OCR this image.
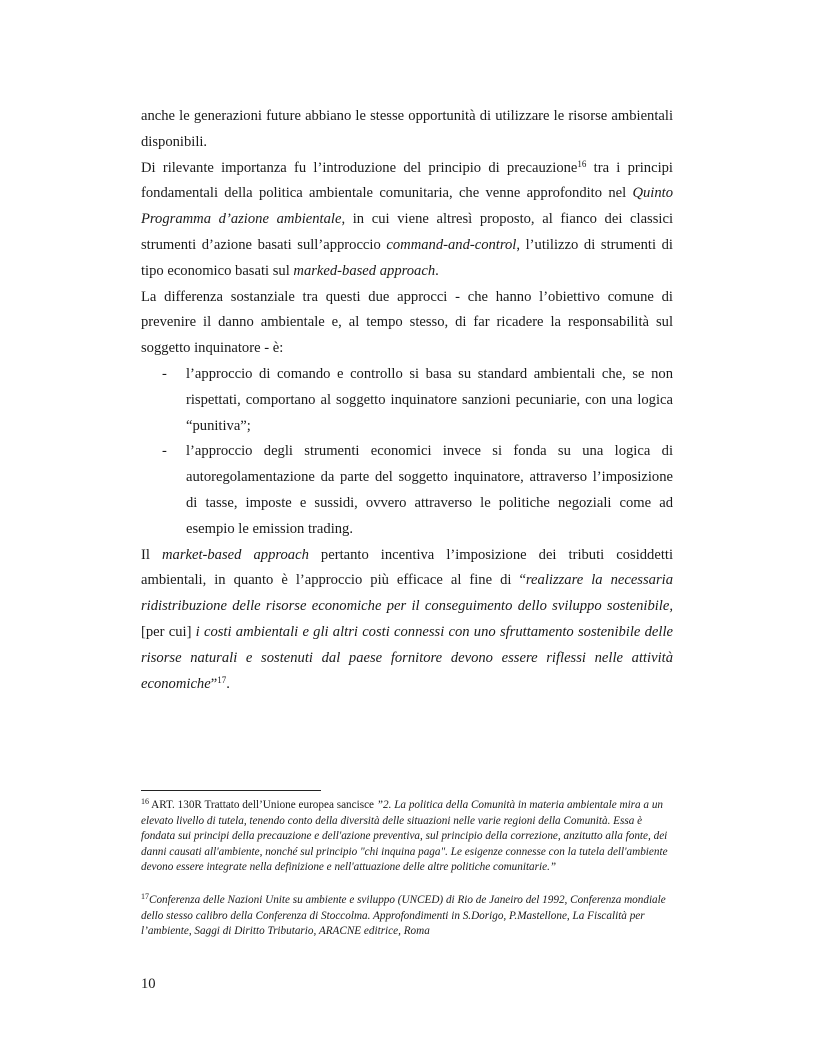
anche le generazioni future abbiano le stesse opportunità di utilizzare le risorse ambientali disponibili.

Di rilevante importanza fu l’introduzione del principio di precauzione$^{16}$ tra i principi fondamentali della politica ambientale comunitaria, che venne approfondito nel Quinto Programma d’azione ambientale, in cui viene altresì proposto, al fianco dei classici strumenti d’azione basati sull’approccio command-and-control, l’utilizzo di strumenti di tipo economico basati sul marked-based approach.

La differenza sostanziale tra questi due approcci - che hanno l’obiettivo comune di prevenire il danno ambientale e, al tempo stesso, di far ricadere la responsabilità sul soggetto inquinatore - è:

- l’approccio di comando e controllo si basa su standard ambientali che, se non rispettati, comportano al soggetto inquinatore sanzioni pecuniarie, con una logica “punitiva”;
- l’approccio degli strumenti economici invece si fonda su una logica di autoregolamentazione da parte del soggetto inquinatore, attraverso l’imposizione di tasse, imposte e sussidi, ovvero attraverso le politiche negoziali come ad esempio le emission trading.

Il market-based approach pertanto incentiva l’imposizione dei tributi cosiddetti ambientali, in quanto è l’approccio più efficace al fine di “realizzare la necessaria ridistribuzione delle risorse economiche per il conseguimento dello sviluppo sostenibile, [per cui] i costi ambientali e gli altri costi connessi con uno sfruttamento sostenibile delle risorse naturali e sostenuti dal paese fornitore devono essere riflessi nelle attività economiche”$^{17}$.

$^{16}$ ART. 130R Trattato dell’Unione europea sancisce ”2. La politica della Comunità in materia ambientale mira a un elevato livello di tutela, tenendo conto della diversità delle situazioni nelle varie regioni della Comunità. Essa è fondata sui principi della precauzione e dell'azione preventiva, sul principio della correzione, anzitutto alla fonte, dei danni causati all'ambiente, nonché sul principio "chi inquina paga". Le esigenze connesse con la tutela dell'ambiente devono essere integrate nella definizione e nell'attuazione delle altre politiche comunitarie.”

$^{17}$Conferenza delle Nazioni Unite su ambiente e sviluppo (UNCED) di Rio de Janeiro del 1992, Conferenza mondiale dello stesso calibro della Conferenza di Stoccolma. Approfondimenti in S.Dorigo, P.Mastellone, La Fiscalità per l’ambiente, Saggi di Diritto Tributario, ARACNE editrice, Roma

10
